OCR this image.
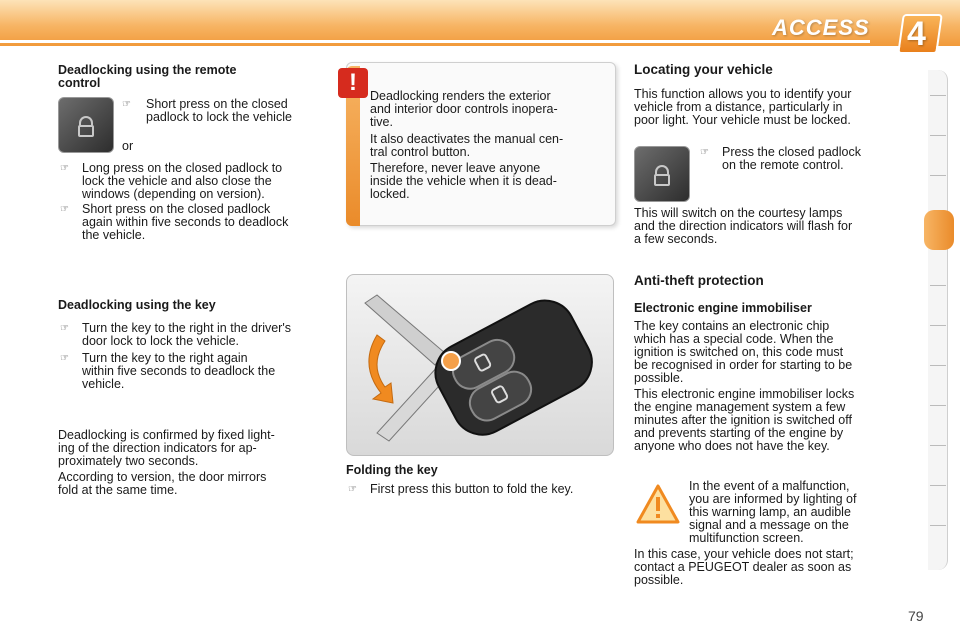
ACCESS 4
Deadlocking using the remote
control
☞ Short press on the closed
padlock to lock the vehicle
or
☞ Long press on the closed padlock to
lock the vehicle and also close the
windows (depending on version).
☞ Short press on the closed padlock
again within five seconds to deadlock
the vehicle.
Deadlocking using the key
☞ Turn the key to the right in the driver's
door lock to lock the vehicle.
☞ Turn the key to the right again
within five seconds to deadlock the
vehicle.
Deadlocking is confirmed by fixed light-
ing of the direction indicators for ap-
proximately two seconds.
According to version, the door mirrors
fold at the same time.
!	Deadlocking renders the exterior
and interior door controls inopera-
tive.
It also deactivates the manual cen-
tral control button.
Therefore, never leave anyone
inside the vehicle when it is dead-
locked.
Folding the key
☞ First press this button to fold the key.
Locating your vehicle
This function allows you to identify your
vehicle from a distance, particularly in
poor light. Your vehicle must be locked.
☞ Press the closed padlock
on the remote control.
This will switch on the courtesy lamps
and the direction indicators will flash for
a few seconds.
Anti-theft protection
Electronic engine immobiliser
The key contains an electronic chip
which has a special code. When the
ignition is switched on, this code must
be recognised in order for starting to be
possible.
This electronic engine immobiliser locks
the engine management system a few
minutes after the ignition is switched off
and prevents starting of the engine by
anyone who does not have the key.
In the event of a malfunction,
you are informed by lighting of
this warning lamp, an audible
signal and a message on the
multifunction screen.
In this case, your vehicle does not start;
contact a PEUGEOT dealer as soon as
possible.
79
